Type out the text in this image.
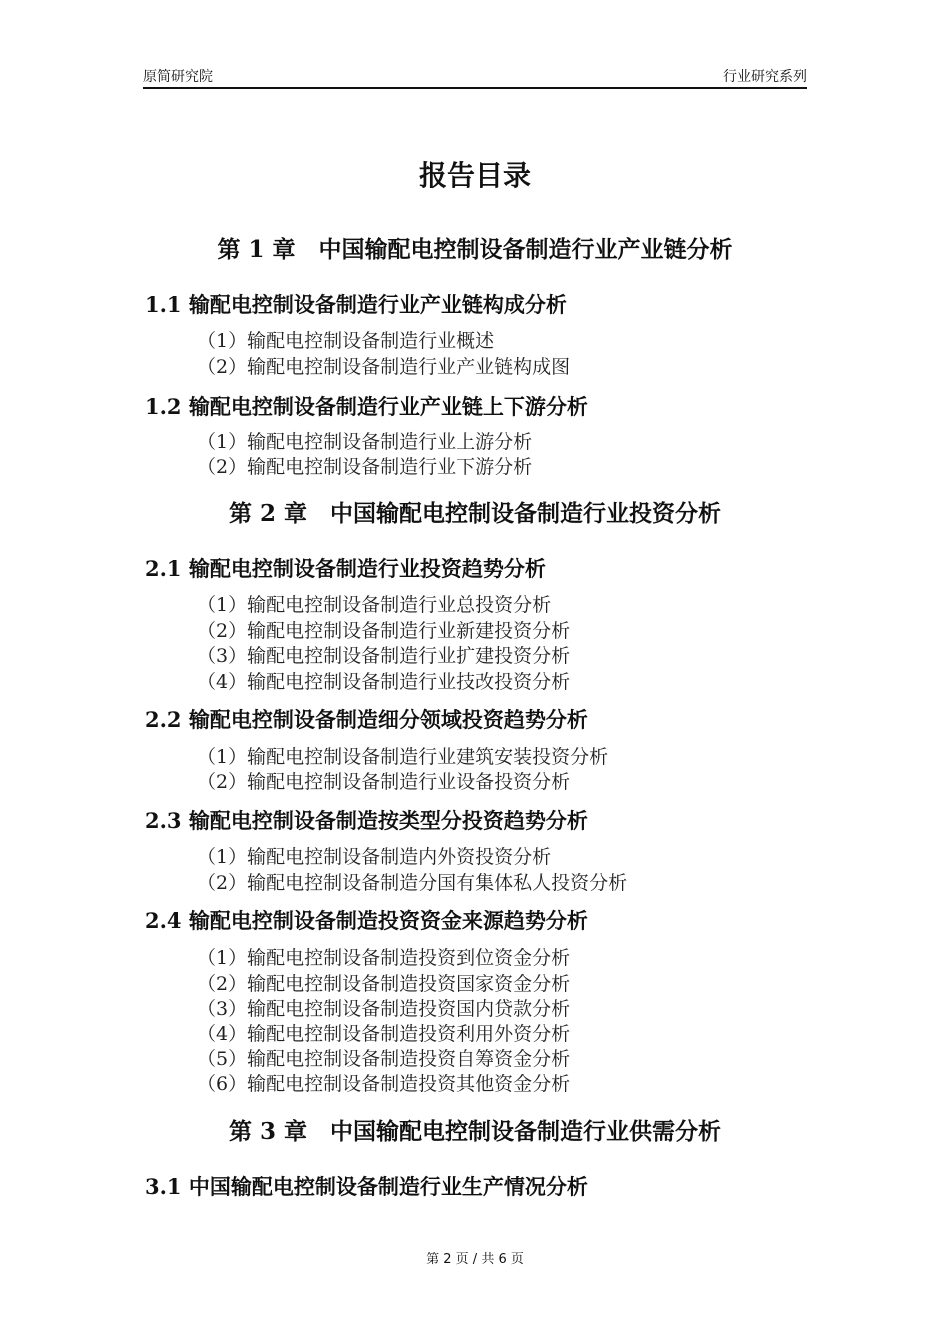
原简研究院	行业研究系列
报告目录
第 1 章　中国输配电控制设备制造行业产业链分析
1.1 输配电控制设备制造行业产业链构成分析
（1）输配电控制设备制造行业概述
（2）输配电控制设备制造行业产业链构成图
1.2 输配电控制设备制造行业产业链上下游分析
（1）输配电控制设备制造行业上游分析
（2）输配电控制设备制造行业下游分析
第 2 章　中国输配电控制设备制造行业投资分析
2.1 输配电控制设备制造行业投资趋势分析
（1）输配电控制设备制造行业总投资分析
（2）输配电控制设备制造行业新建投资分析
（3）输配电控制设备制造行业扩建投资分析
（4）输配电控制设备制造行业技改投资分析
2.2 输配电控制设备制造细分领域投资趋势分析
（1）输配电控制设备制造行业建筑安装投资分析
（2）输配电控制设备制造行业设备投资分析
2.3 输配电控制设备制造按类型分投资趋势分析
（1）输配电控制设备制造内外资投资分析
（2）输配电控制设备制造分国有集体私人投资分析
2.4 输配电控制设备制造投资资金来源趋势分析
（1）输配电控制设备制造投资到位资金分析
（2）输配电控制设备制造投资国家资金分析
（3）输配电控制设备制造投资国内贷款分析
（4）输配电控制设备制造投资利用外资分析
（5）输配电控制设备制造投资自筹资金分析
（6）输配电控制设备制造投资其他资金分析
第 3 章　中国输配电控制设备制造行业供需分析
3.1 中国输配电控制设备制造行业生产情况分析
第 2 页 / 共 6 页
